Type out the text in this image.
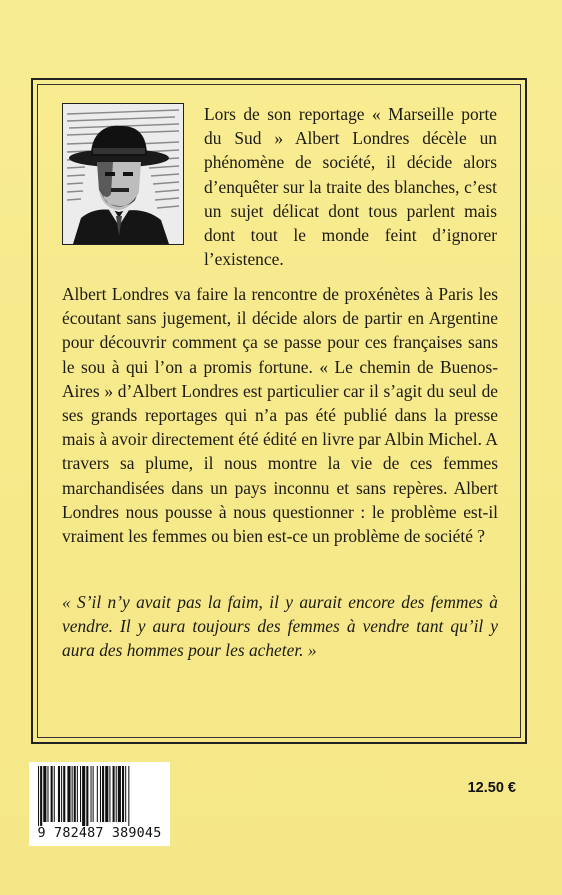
Lors de son reportage « Marseille porte du Sud » Albert Londres décèle un phénomène de société, il décide alors d’enquêter sur la traite des blanches, c’est un sujet délicat dont tous parlent mais dont tout le monde feint d’ignorer l’existence.

Albert Londres va faire la rencontre de proxénètes à Paris les écoutant sans jugement, il décide alors de partir en Argentine pour découvrir comment ça se passe pour ces françaises sans le sou à qui l’on a promis fortune. « Le chemin de Buenos-Aires » d’Albert Londres est particulier car il s’agit du seul de ses grands reportages qui n’a pas été publié dans la presse mais à avoir directement été édité en livre par Albin Michel. A travers sa plume, il nous montre la vie de ces femmes marchandisées dans un pays inconnu et sans repères. Albert Londres nous pousse à nous questionner : le problème est-il vraiment les femmes ou bien est-ce un problème de société ?

« S’il n’y avait pas la faim, il y aurait encore des femmes à vendre. Il y aura toujours des femmes à vendre tant qu’il y aura des hommes pour les acheter. »

9 782487 389045
12.50 €
